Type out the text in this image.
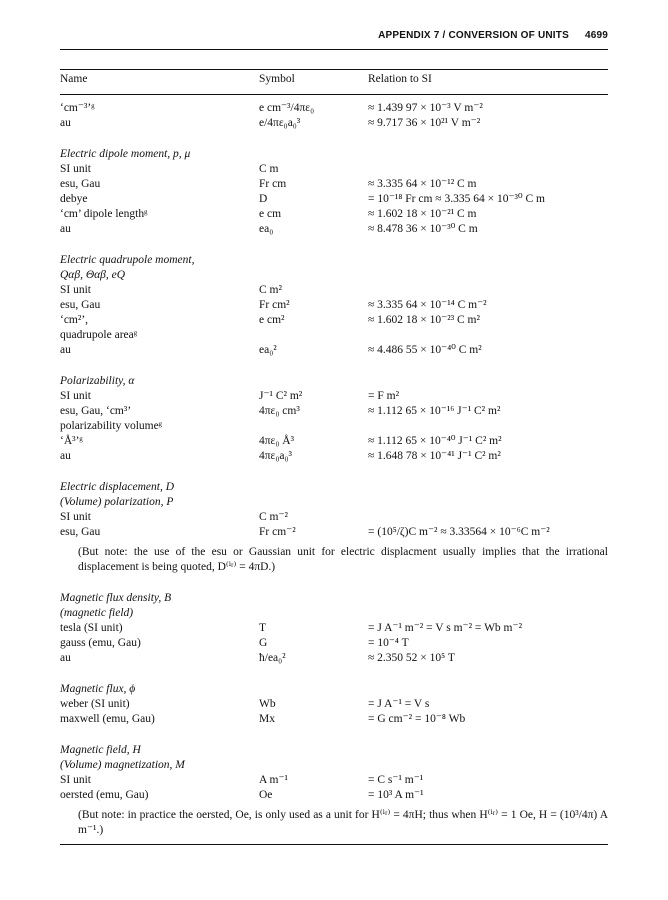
APPENDIX 7 / CONVERSION OF UNITS 4699
Name	Symbol	Relation to SI
‘cm⁻³’ᵍ	e cm⁻³/4πε₀	≈ 1.439 97 × 10⁻³ V m⁻²
au	e/4πε₀a₀³	≈ 9.717 36 × 10²¹ V m⁻²
Electric dipole moment, p, μ
SI unit	C m
esu, Gau	Fr cm	≈ 3.335 64 × 10⁻¹² C m
debye	D	= 10⁻¹⁸ Fr cm ≈ 3.335 64 × 10⁻³⁰ C m
‘cm’ dipole lengthᵍ	e cm	≈ 1.602 18 × 10⁻²¹ C m
au	ea₀	≈ 8.478 36 × 10⁻³⁰ C m
Electric quadrupole moment,
Qαβ, Θαβ, eQ
SI unit	C m²
esu, Gau	Fr cm²	≈ 3.335 64 × 10⁻¹⁴ C m⁻²
‘cm²’,	e cm²	≈ 1.602 18 × 10⁻²³ C m²
quadrupole areaᵍ
au	ea₀²	≈ 4.486 55 × 10⁻⁴⁰ C m²
Polarizability, α
SI unit	J⁻¹ C² m²	= F m²
esu, Gau, ‘cm³’	4πε₀ cm³	≈ 1.112 65 × 10⁻¹⁶ J⁻¹ C² m²
polarizability volumeᵍ
‘Å³’ᵍ	4πε₀ Å³	≈ 1.112 65 × 10⁻⁴⁰ J⁻¹ C² m²
au	4πε₀a₀³	≈ 1.648 78 × 10⁻⁴¹ J⁻¹ C² m²
Electric displacement, D
(Volume) polarization, P
SI unit	C m⁻²
esu, Gau	Fr cm⁻²	= (10⁵/ζ)C m⁻² ≈ 3.33564 × 10⁻⁶C m⁻²
(But note: the use of the esu or Gaussian unit for electric displacment usually implies that the irrational displacement is being quoted, D⁽ⁱʳ⁾ = 4πD.)
Magnetic flux density, B
(magnetic field)
tesla (SI unit)	T	= J A⁻¹ m⁻² = V s m⁻² = Wb m⁻²
gauss (emu, Gau)	G	= 10⁻⁴ T
au	ħ/ea₀²	≈ 2.350 52 × 10⁵ T
Magnetic flux, ϕ
weber (SI unit)	Wb	= J A⁻¹ = V s
maxwell (emu, Gau)	Mx	= G cm⁻² = 10⁻⁸ Wb
Magnetic field, H
(Volume) magnetization, M
SI unit	A m⁻¹	= C s⁻¹ m⁻¹
oersted (emu, Gau)	Oe	= 10³ A m⁻¹
(But note: in practice the oersted, Oe, is only used as a unit for H⁽ⁱʳ⁾ = 4πH; thus when H⁽ⁱʳ⁾ = 1 Oe, H = (10³/4π) A m⁻¹.)
